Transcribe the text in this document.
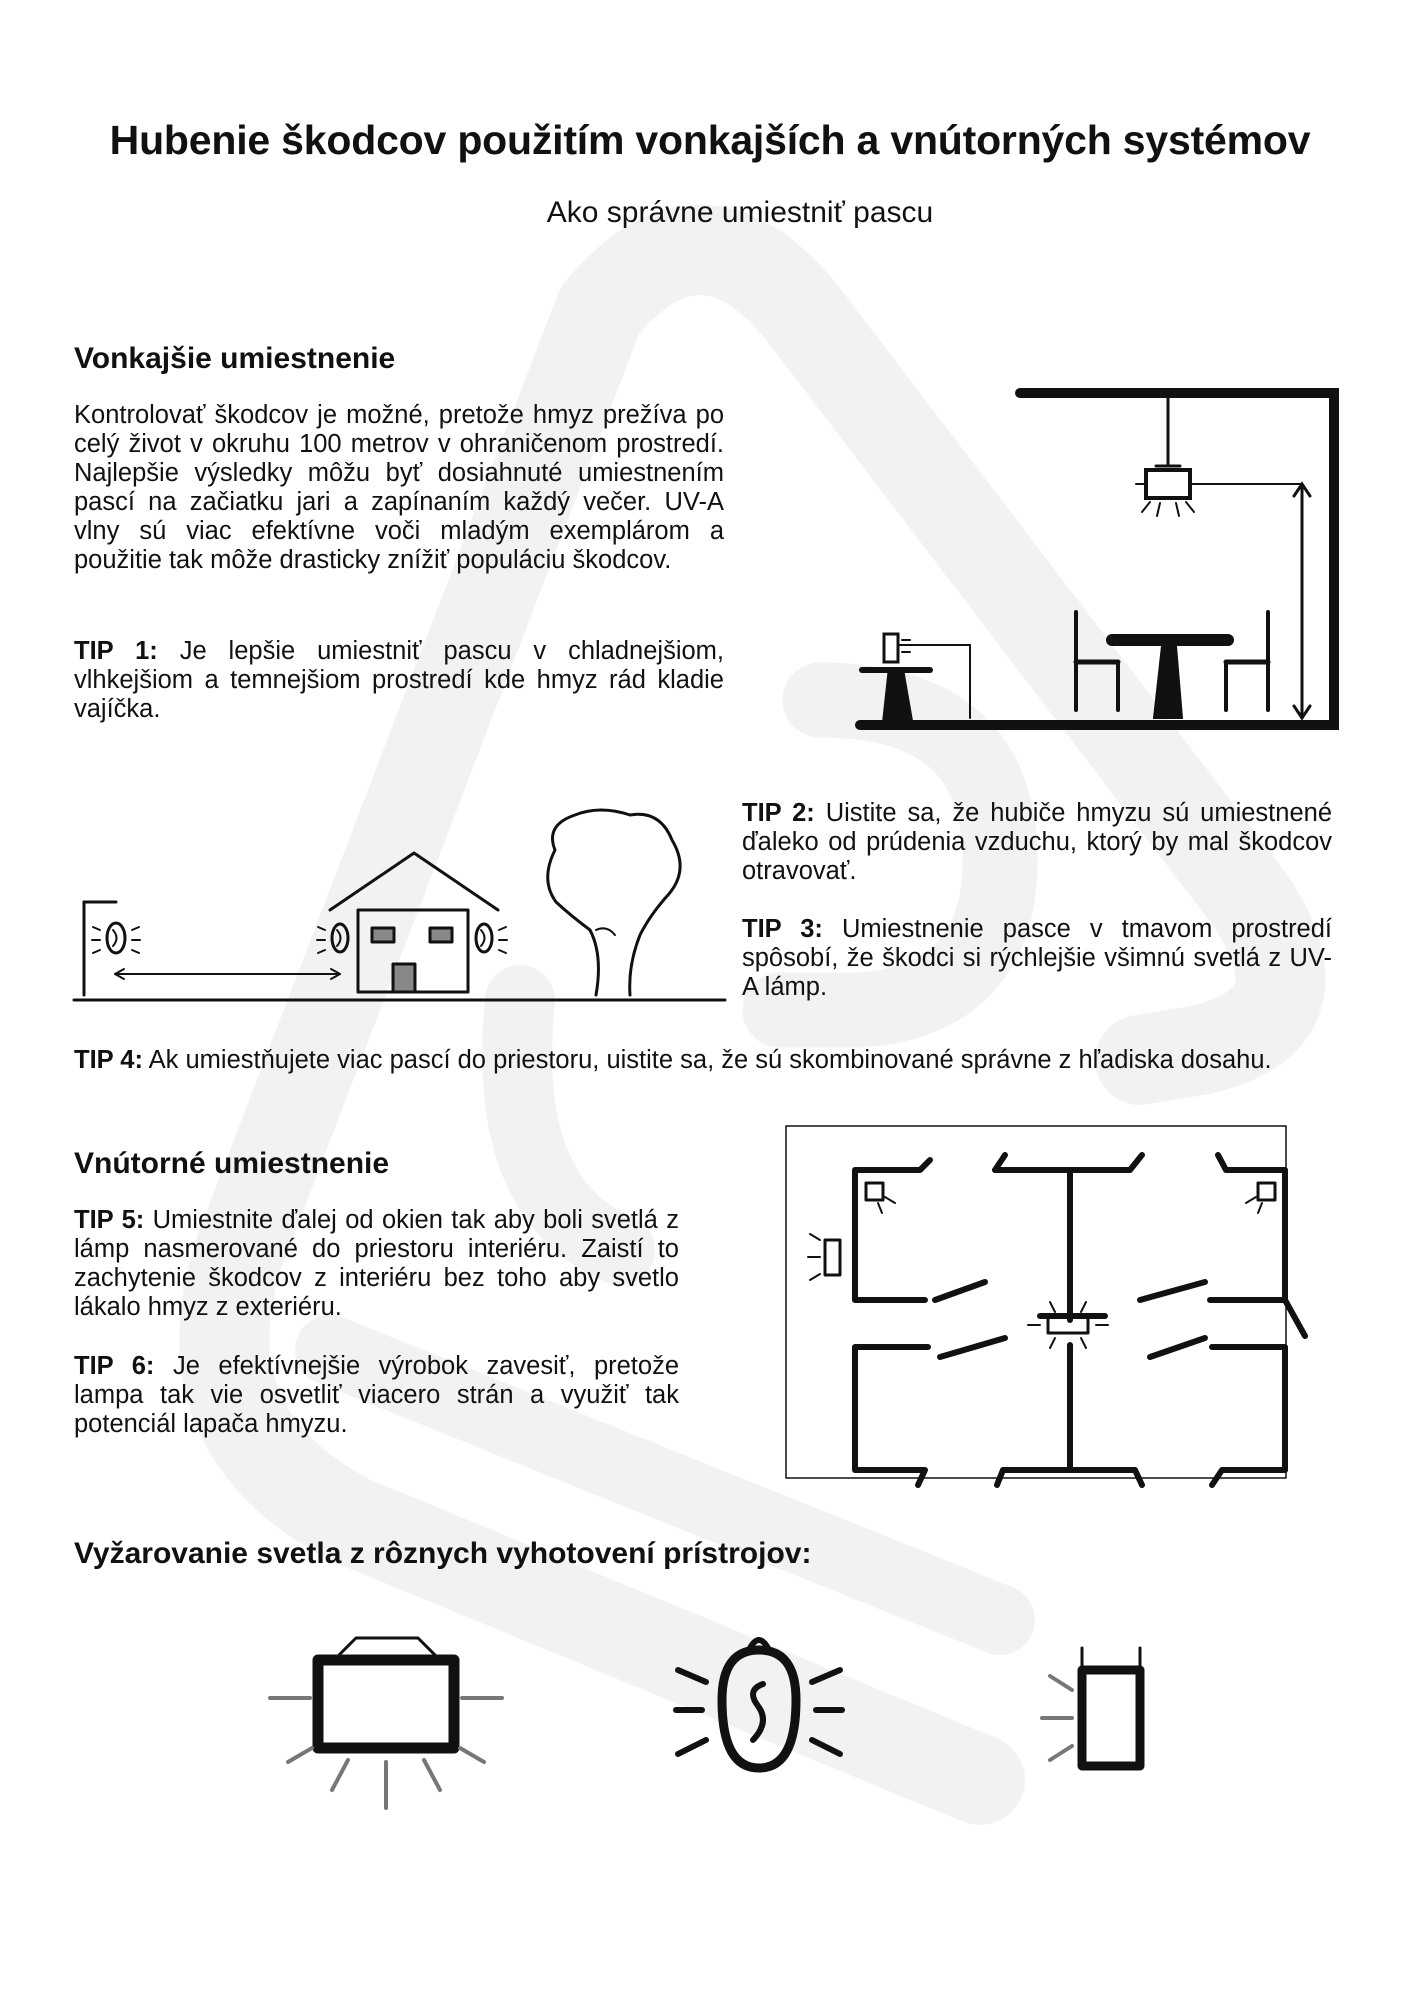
Hubenie škodcov použitím vonkajších a vnútorných systémov
Ako správne umiestniť pascu
Vonkajšie umiestnenie

Kontrolovať škodcov je možné, pretože hmyz prežíva po celý život v okruhu 100 metrov v ohraničenom prostredí. Najlepšie výsledky môžu byť dosiahnuté umiestnením pascí na začiatku jari a zapínaním každý večer. UV-A vlny sú viac efektívne voči mladým exemplárom a použitie tak môže drasticky znížiť populáciu škodcov.

TIP 1: Je lepšie umiestniť pascu v chladnejšiom, vlhkejšiom a temnejšiom prostredí kde hmyz rád kladie vajíčka.

TIP 2: Uistite sa, že hubiče hmyzu sú umiestnené ďaleko od prúdenia vzduchu, ktorý by mal škodcov otravovať.

TIP 3: Umiestnenie pasce v tmavom prostredí spôsobí, že škodci si rýchlejšie všimnú svetlá z UV-A lámp.

TIP 4: Ak umiestňujete viac pascí do priestoru, uistite sa, že sú skombinované správne z hľadiska dosahu.

Vnútorné umiestnenie

TIP 5: Umiestnite ďalej od okien tak aby boli svetlá z lámp nasmerované do priestoru interiéru. Zaistí to zachytenie škodcov z interiéru bez toho aby svetlo lákalo hmyz z exteriéru.

TIP 6: Je efektívnejšie výrobok zavesiť, pretože lampa tak vie osvetliť viacero strán a využiť tak potenciál lapača hmyzu.

Vyžarovanie svetla z rôznych vyhotovení prístrojov:
